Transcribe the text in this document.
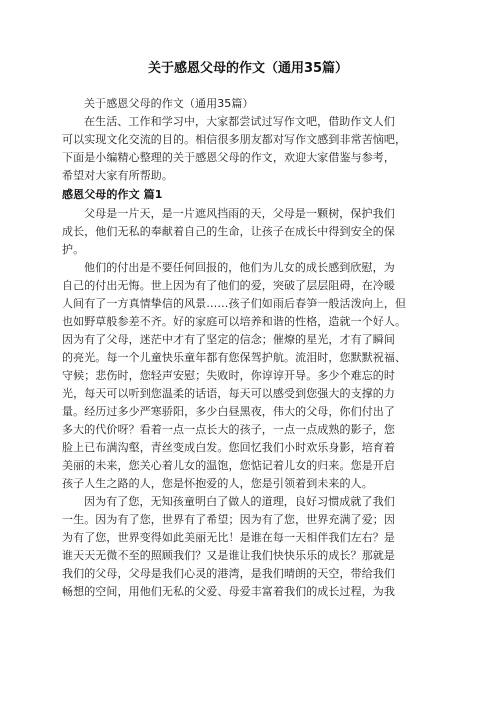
关于感恩父母的作文（通用35篇）
关于感恩父母的作文（通用35篇）
在生活、工作和学习中，大家都尝试过写作文吧，借助作文人们
可以实现文化交流的目的。相信很多朋友都对写作文感到非常苦恼吧，
下面是小编精心整理的关于感恩父母的作文，欢迎大家借鉴与参考，
希望对大家有所帮助。
感恩父母的作文 篇1
父母是一片天，是一片遮风挡雨的天，父母是一颗树，保护我们
成长，他们无私的奉献着自己的生命，让孩子在成长中得到安全的保
护。
他们的付出是不要任何回报的，他们为儿女的成长感到欣慰，为
自己的付出无悔。世上因为有了他们的爱，突破了层层阻碍，在冷暖
人间有了一方真情挚信的风景……孩子们如雨后春笋一般活泼向上，但
也如野草般参差不齐。好的家庭可以培养和谐的性格，造就一个好人。
因为有了父母，迷茫中才有了坚定的信念；催燎的星光，才有了瞬间
的亮光。每一个儿童快乐童年都有您保驾护航。流泪时，您默默祝福、
守候；悲伤时，您轻声安慰；失败时，你谆谆开导。多少个难忘的时
光，每天可以听到您温柔的话语，每天可以感受到您强大的支撑的力
量。经历过多少严寒骄阳，多少白昼黑夜，伟大的父母，你们付出了
多大的代价呀？看着一点一点长大的孩子，一点一点成熟的影子，您
脸上已布满沟壑，青丝变成白发。您回忆我们小时欢乐身影，培育着
美丽的未来，您关心着儿女的温饱，您惦记着儿女的归来。您是开启
孩子人生之路的人，您是怀抱爱的人，您是引领着到未来的人。
因为有了您，无知孩童明白了做人的道理，良好习惯成就了我们
一生。因为有了您，世界有了希望；因为有了您，世界充满了爱；因
为有了您，世界变得如此美丽无比！是谁在每一天相伴我们左右？是
谁天天无微不至的照顾我们？又是谁让我们快快乐乐的成长？那就是
我们的父母，父母是我们心灵的港湾，是我们晴朗的天空，带给我们
畅想的空间，用他们无私的父爱、母爱丰富着我们的成长过程，为我
